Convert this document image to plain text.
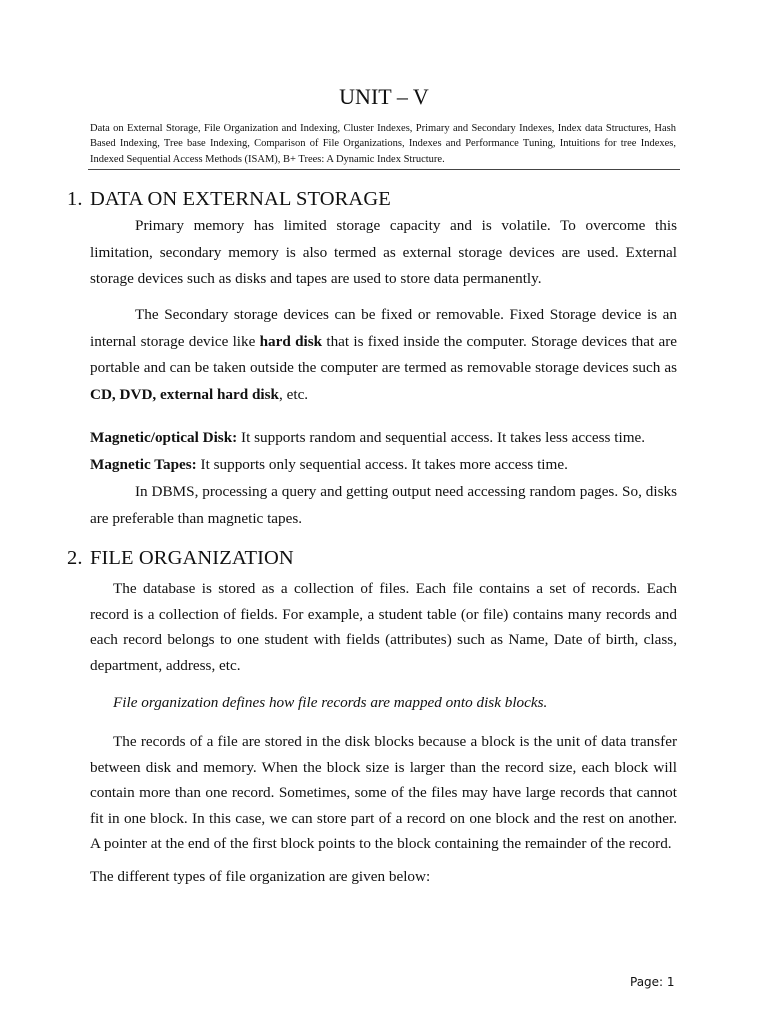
UNIT – V
Data on External Storage, File Organization and Indexing, Cluster Indexes, Primary and Secondary Indexes, Index data Structures, Hash Based Indexing, Tree base Indexing, Comparison of File Organizations, Indexes and Performance Tuning, Intuitions for tree Indexes, Indexed Sequential Access Methods (ISAM), B+ Trees: A Dynamic Index Structure.
1. DATA ON EXTERNAL STORAGE

Primary memory has limited storage capacity and is volatile. To overcome this limitation, secondary memory is also termed as external storage devices are used. External storage devices such as disks and tapes are used to store data permanently.

The Secondary storage devices can be fixed or removable. Fixed Storage device is an internal storage device like hard disk that is fixed inside the computer. Storage devices that are portable and can be taken outside the computer are termed as removable storage devices such as CD, DVD, external hard disk, etc.

Magnetic/optical Disk: It supports random and sequential access. It takes less access time.

Magnetic Tapes: It supports only sequential access. It takes more access time.

In DBMS, processing a query and getting output need accessing random pages. So, disks are preferable than magnetic tapes.

2. FILE ORGANIZATION

The database is stored as a collection of files. Each file contains a set of records. Each record is a collection of fields. For example, a student table (or file) contains many records and each record belongs to one student with fields (attributes) such as Name, Date of birth, class, department, address, etc.

File organization defines how file records are mapped onto disk blocks.

The records of a file are stored in the disk blocks because a block is the unit of data transfer between disk and memory. When the block size is larger than the record size, each block will contain more than one record. Sometimes, some of the files may have large records that cannot fit in one block. In this case, we can store part of a record on one block and the rest on another. A pointer at the end of the first block points to the block containing the remainder of the record.

The different types of file organization are given below:

Page: 1
